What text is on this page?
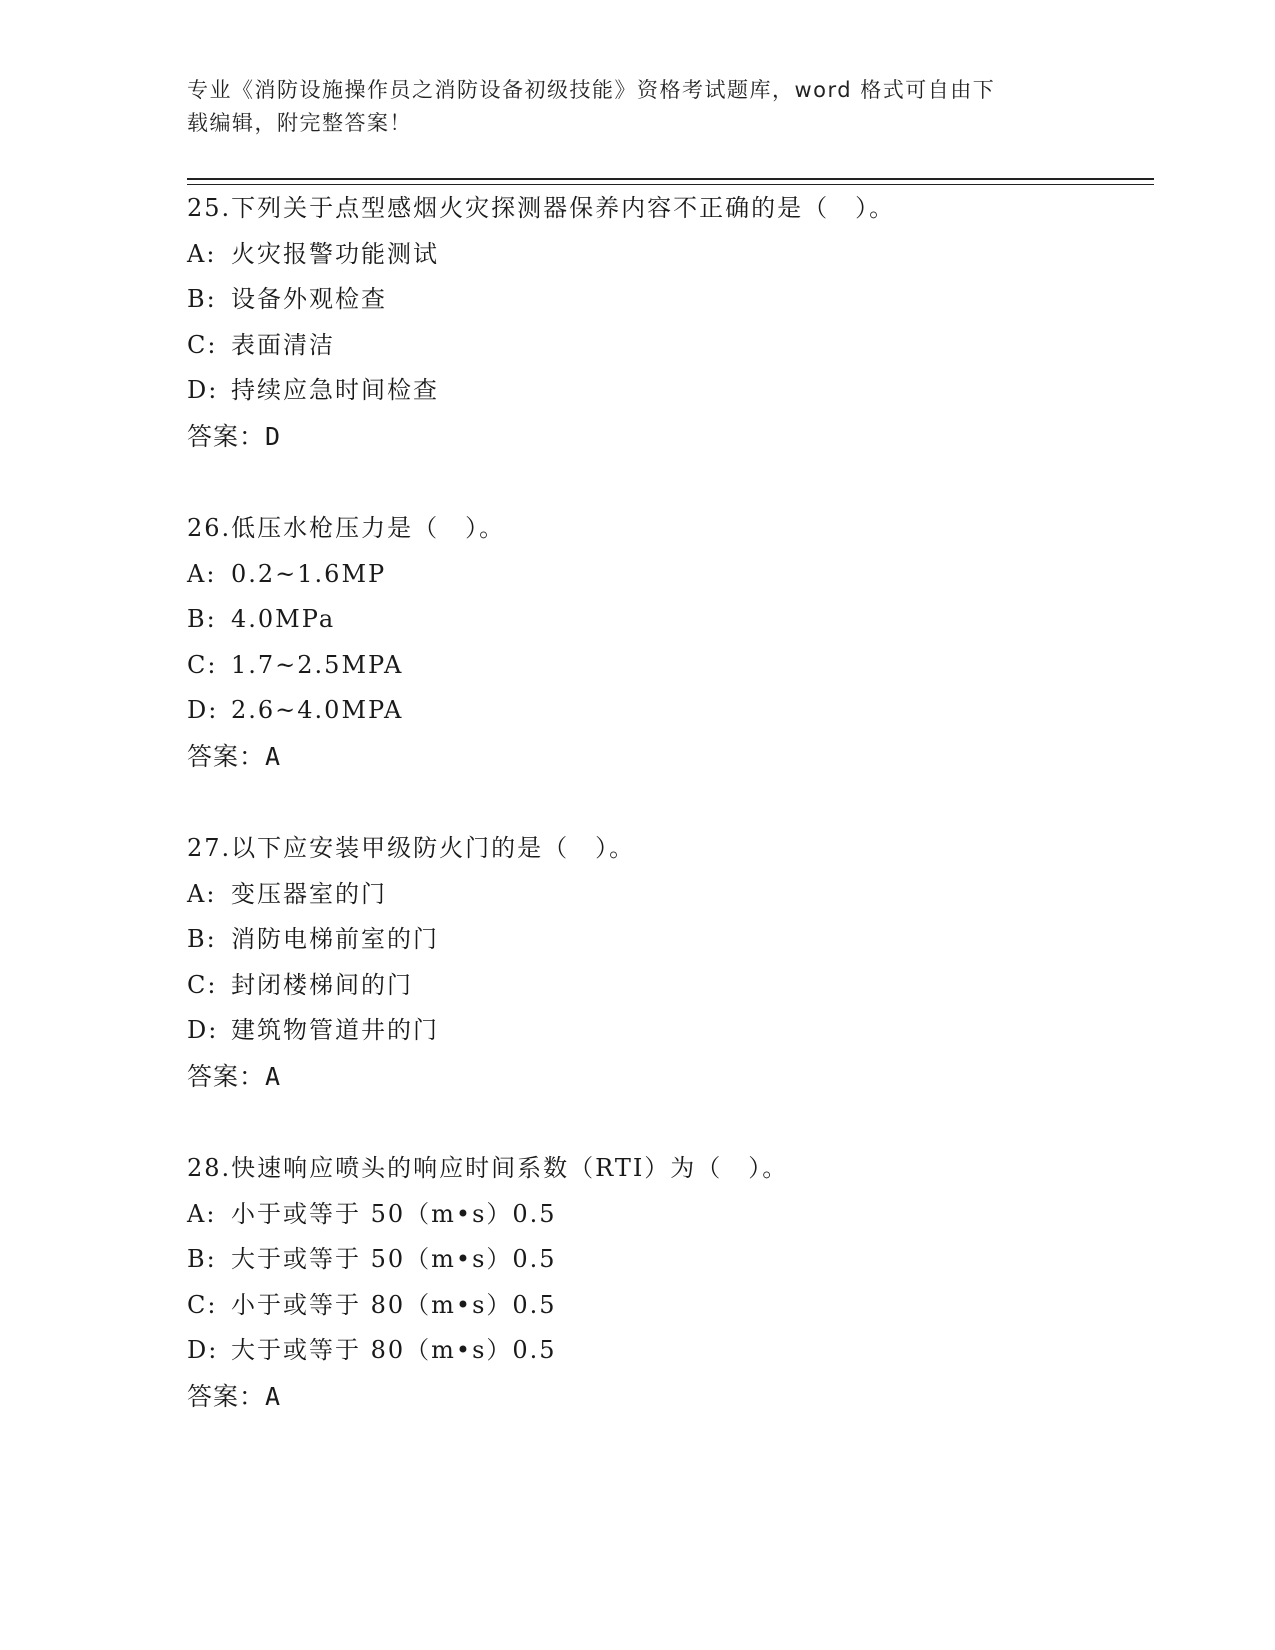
专业《消防设施操作员之消防设备初级技能》资格考试题库，word 格式可自由下
载编辑，附完整答案！
25.下列关于点型感烟火灾探测器保养内容不正确的是（　）。
A: 火灾报警功能测试
B: 设备外观检查
C: 表面清洁
D: 持续应急时间检查
答案：D
26.低压水枪压力是（　）。
A: 0.2~1.6MP
B: 4.0MPa
C: 1.7~2.5MPA
D: 2.6~4.0MPA
答案：A
27.以下应安装甲级防火门的是（　）。
A: 变压器室的门
B: 消防电梯前室的门
C: 封闭楼梯间的门
D: 建筑物管道井的门
答案：A
28.快速响应喷头的响应时间系数（RTI）为（　）。
A: 小于或等于 50（m•s）0.5
B: 大于或等于 50（m•s）0.5
C: 小于或等于 80（m•s）0.5
D: 大于或等于 80（m•s）0.5
答案：A
